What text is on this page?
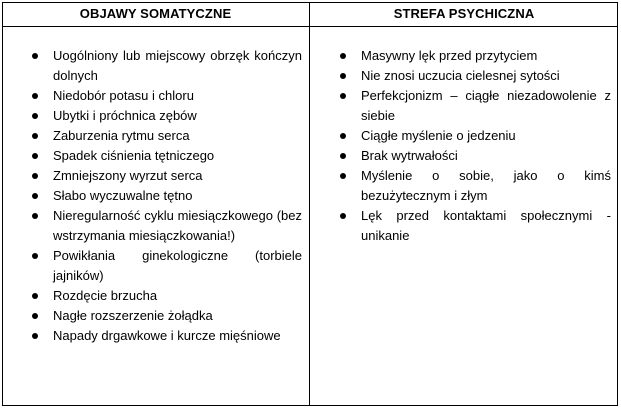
OBJAWY SOMATYCZNE	STREFA PSYCHICZNA
Uogólniony lub miejscowy obrzęk kończyn dolnych
Niedobór potasu i chloru
Ubytki i próchnica zębów
Zaburzenia rytmu serca
Spadek ciśnienia tętniczego
Zmniejszony wyrzut serca
Słabo wyczuwalne tętno
Nieregularność cyklu miesiączkowego (bez wstrzymania miesiączkowania!)
Powikłania ginekologiczne (torbiele jajników)
Rozdęcie brzucha
Nagłe rozszerzenie żołądka
Napady drgawkowe i kurcze mięśniowe
Masywny lęk przed przytyciem
Nie znosi uczucia cielesnej sytości
Perfekcjonizm – ciągłe niezadowolenie z siebie
Ciągłe myślenie o jedzeniu
Brak wytrwałości
Myślenie o sobie, jako o kimś bezużytecznym i złym
Lęk przed kontaktami społecznymi - unikanie
